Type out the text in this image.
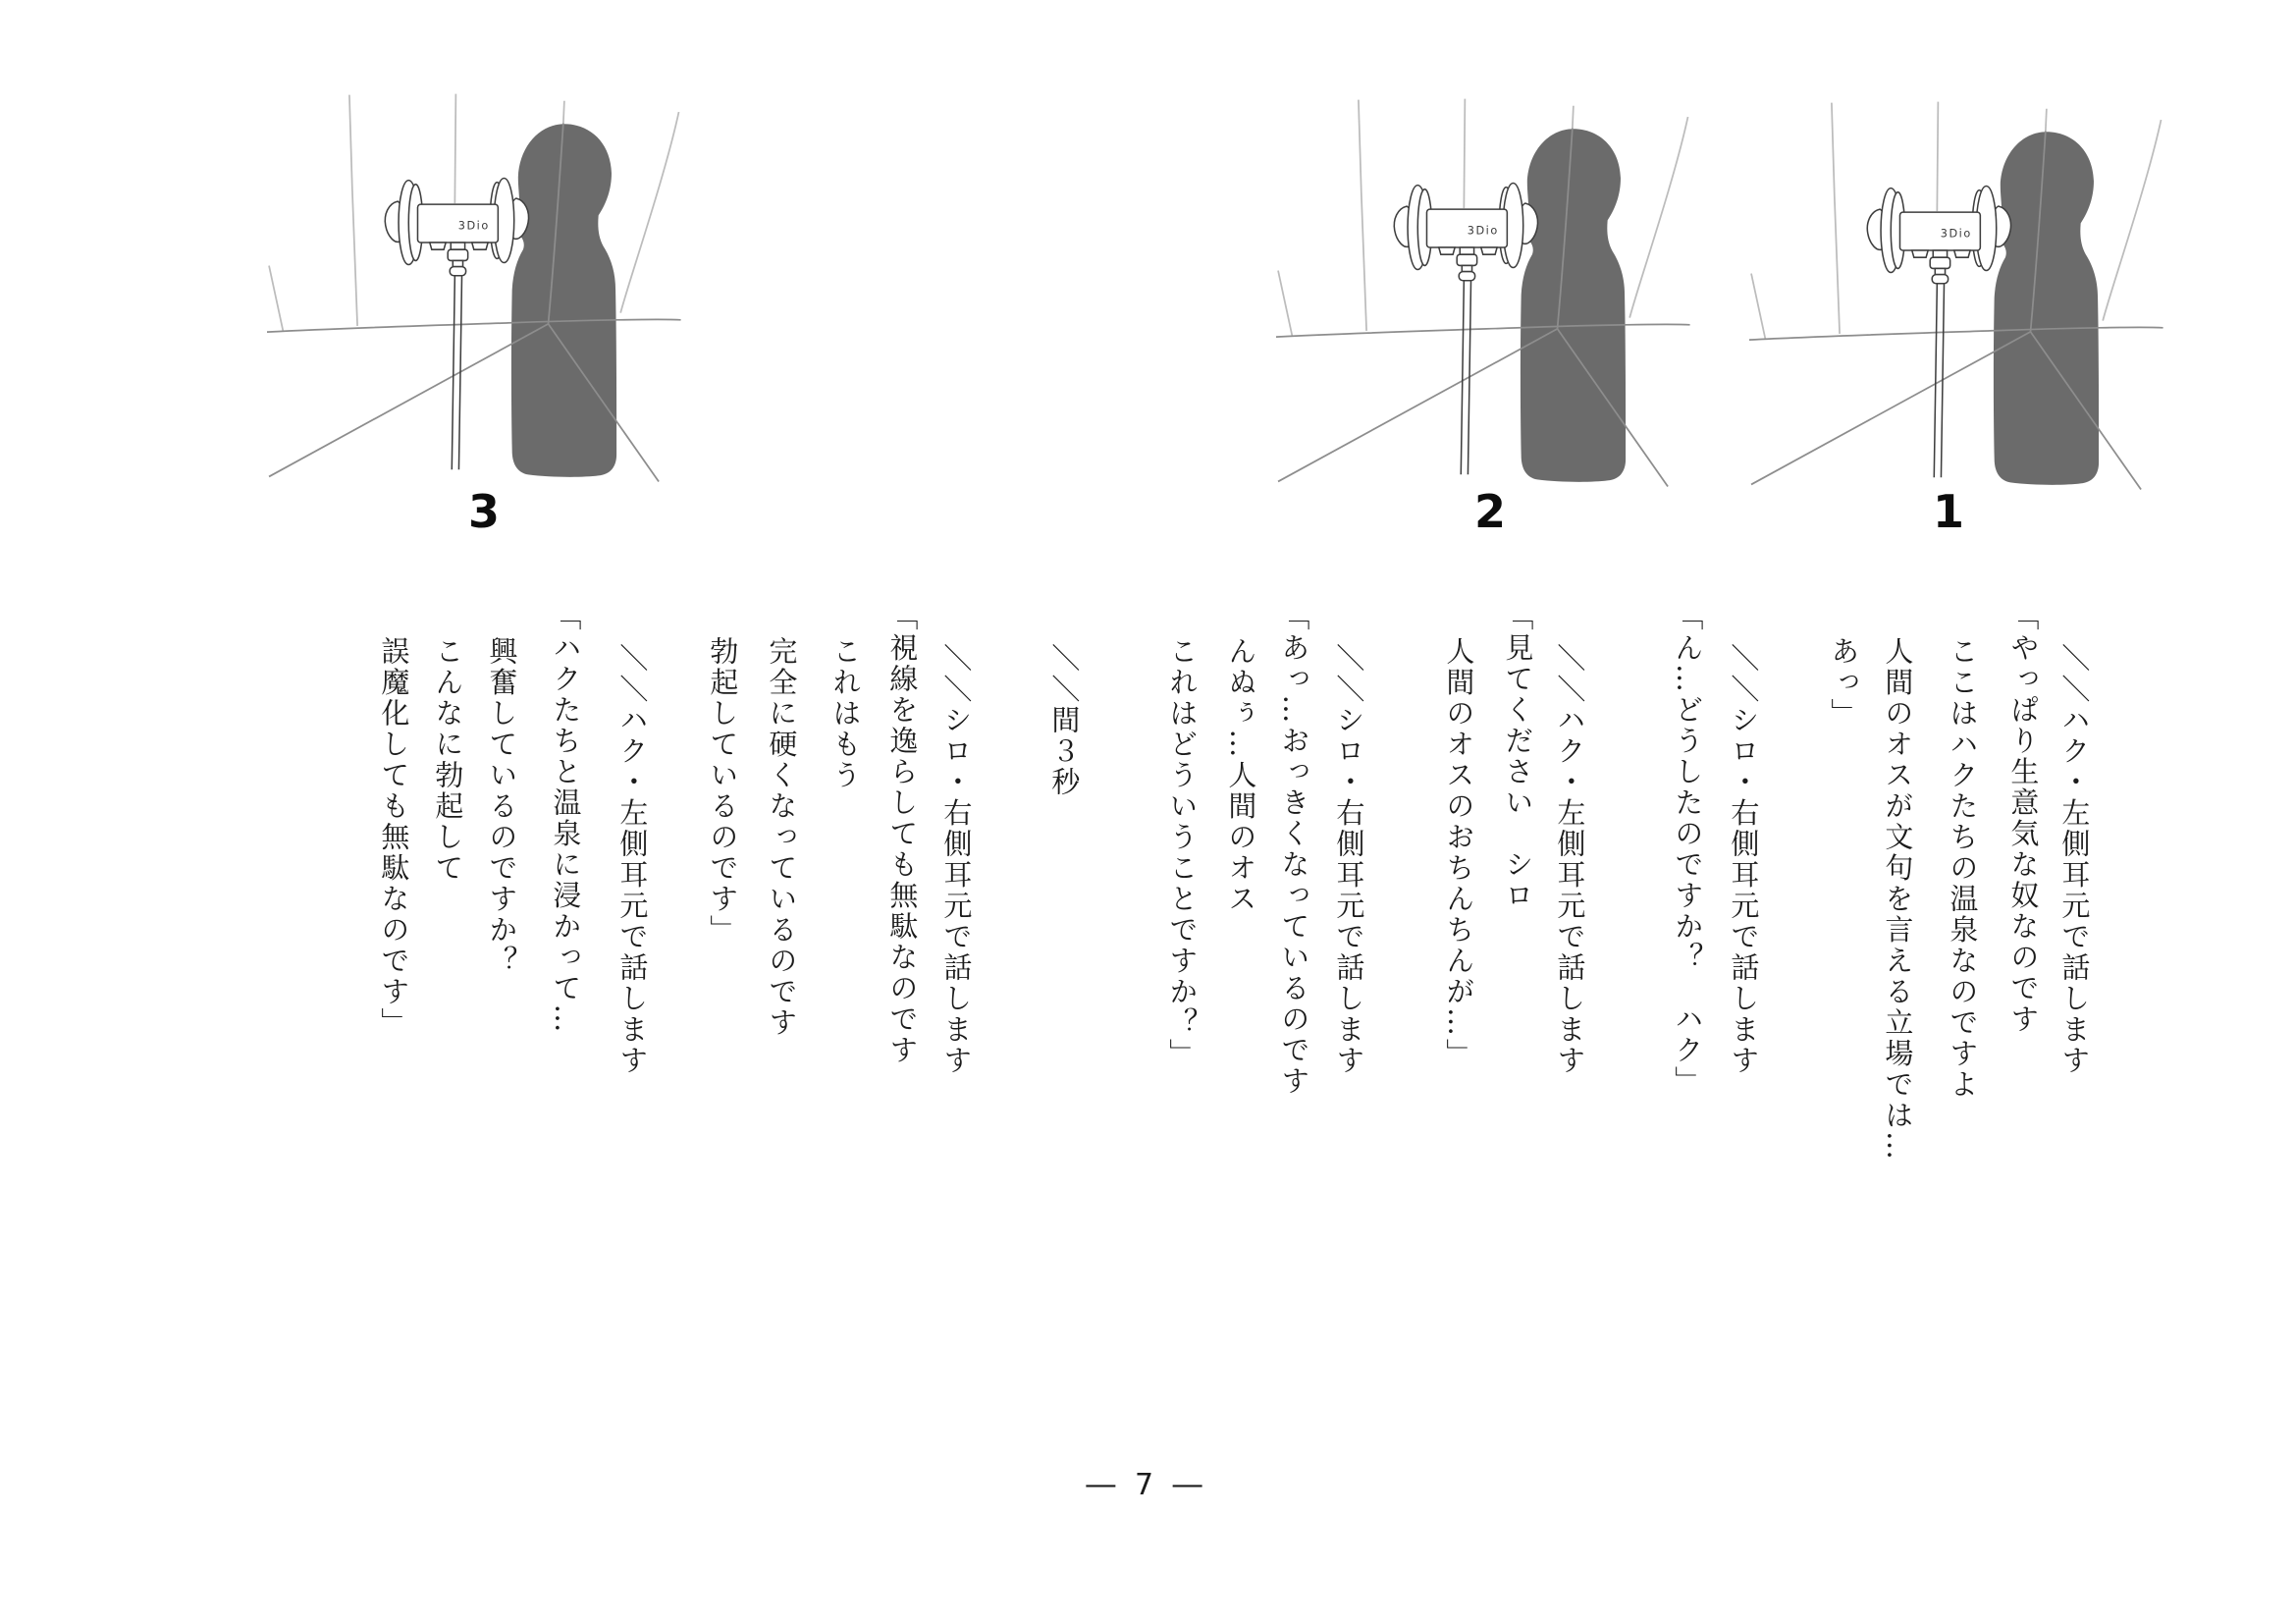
3	2	1
＼＼ハク・左側耳元で話します
「やっぱり生意気な奴なのです
ここはハクたちの温泉なのですよ
人間のオスが文句を言える立場では…
あっ」
＼＼シロ・右側耳元で話します
「ん…どうしたのですか？　ハク」
＼＼ハク・左側耳元で話します
「見てください　シロ
人間のオスのおちんちんが…」
＼＼シロ・右側耳元で話します
「あっ…おっきくなっているのです
んぬぅ…人間のオス
これはどういうことですか？」
＼＼間３秒
＼＼シロ・右側耳元で話します
「視線を逸らしても無駄なのです
これはもう
完全に硬くなっているのです
勃起しているのです」
＼＼ハク・左側耳元で話します
「ハクたちと温泉に浸かって…
興奮しているのですか？
こんなに勃起して
誤魔化しても無駄なのです」
― 7 ―
